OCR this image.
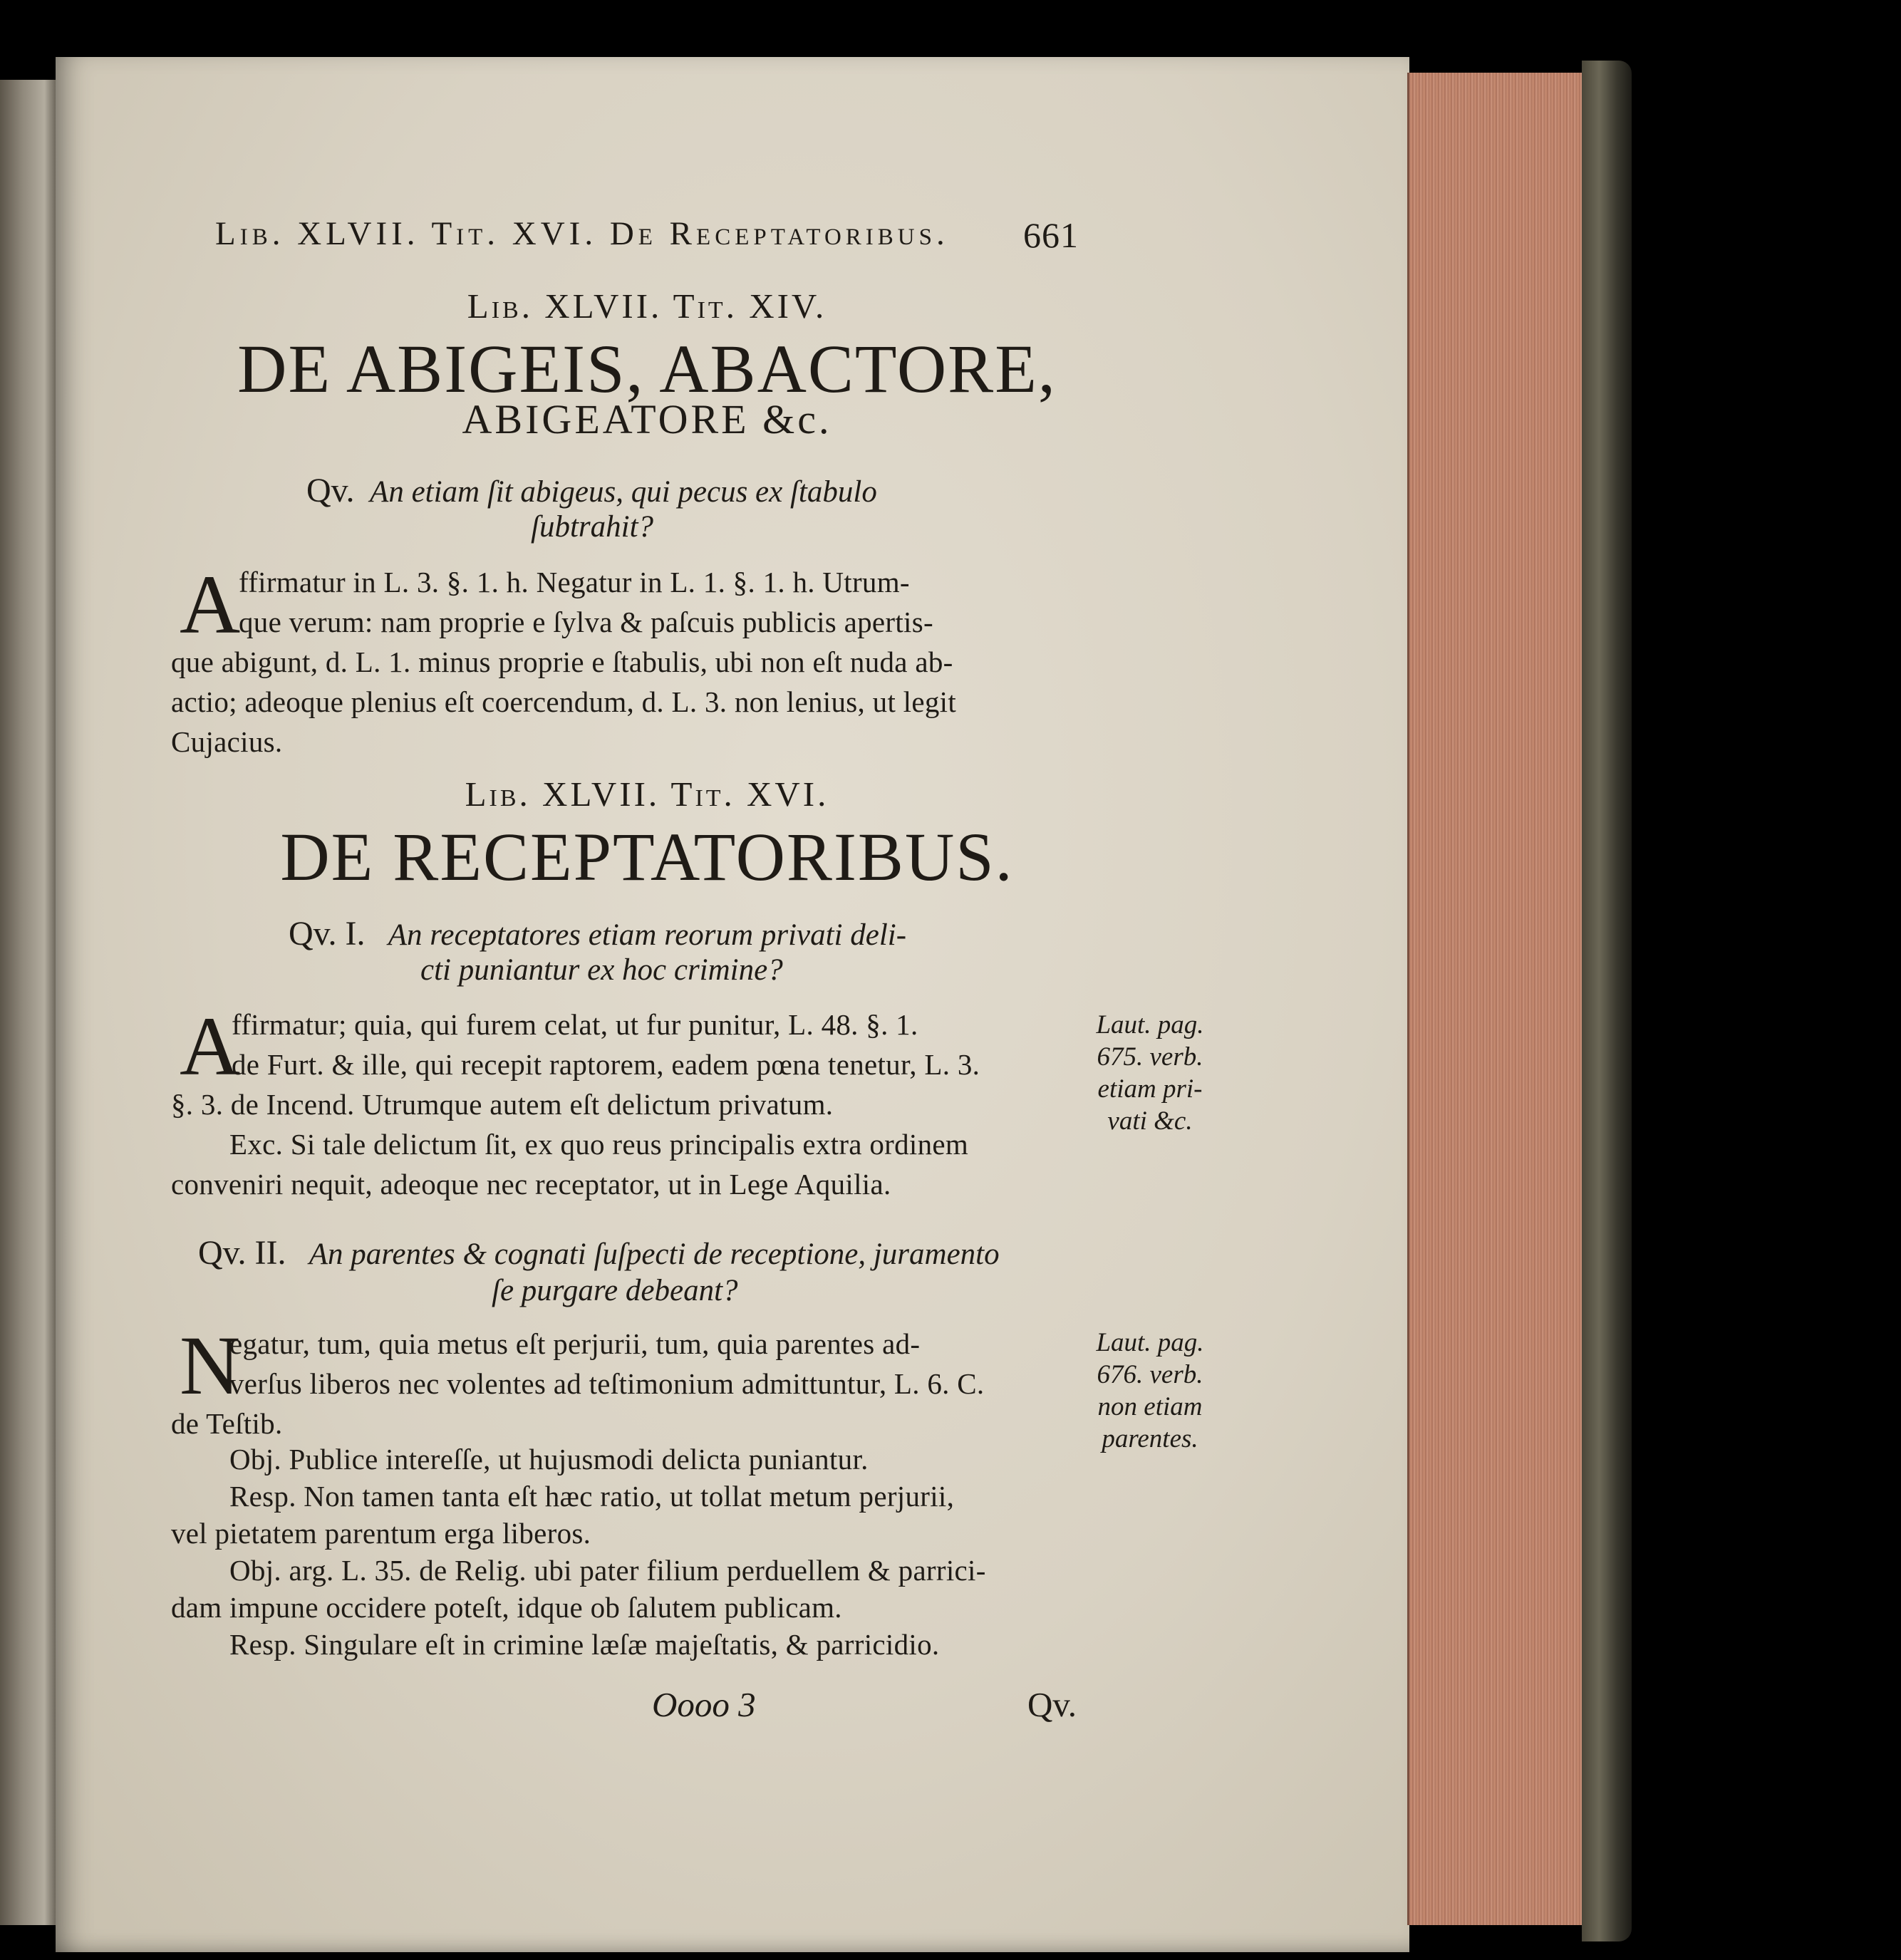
Lib. XLVII. Tit. XVI. De Receptatoribus. 661
Lib. XLVII. Tit. XIV.
DE ABIGEIS, ABACTORE,
ABIGEATORE &c.
Qv. An etiam ſit abigeus, qui pecus ex ſtabulo
ſubtrahit?
A
ffirmatur in L. 3. §. 1. h. Negatur in L. 1. §. 1. h. Utrum-
que verum: nam proprie e ſylva & paſcuis publicis apertis-
que abigunt, d. L. 1. minus proprie e ſtabulis, ubi non eſt nuda ab-
actio; adeoque plenius eſt coercendum, d. L. 3. non lenius, ut legit
Cujacius.
Lib. XLVII. Tit. XVI.
DE RECEPTATORIBUS.
Qv. I. An receptatores etiam reorum privati deli-
cti puniantur ex hoc crimine?
A
ffirmatur; quia, qui furem celat, ut fur punitur, L. 48. §. 1.
de Furt. & ille, qui recepit raptorem, eadem pœna tenetur, L. 3.
§. 3. de Incend. Utrumque autem eſt delictum privatum.
Exc. Si tale delictum ſit, ex quo reus principalis extra ordinem
conveniri nequit, adeoque nec receptator, ut in Lege Aquilia.
Laut. pag.
675. verb.
etiam pri-
vati &c.
Qv. II. An parentes & cognati ſuſpecti de receptione, juramento
ſe purgare debeant?
N
egatur, tum, quia metus eſt perjurii, tum, quia parentes ad-
verſus liberos nec volentes ad teſtimonium admittuntur, L. 6. C.
de Teſtib.
Obj. Publice intereſſe, ut hujusmodi delicta puniantur.
Resp. Non tamen tanta eſt hæc ratio, ut tollat metum perjurii,
vel pietatem parentum erga liberos.
Obj. arg. L. 35. de Relig. ubi pater filium perduellem & parrici-
dam impune occidere poteſt, idque ob ſalutem publicam.
Resp. Singulare eſt in crimine læſæ majeſtatis, & parricidio.
Laut. pag.
676. verb.
non etiam
parentes.
Oooo 3	Qv.
